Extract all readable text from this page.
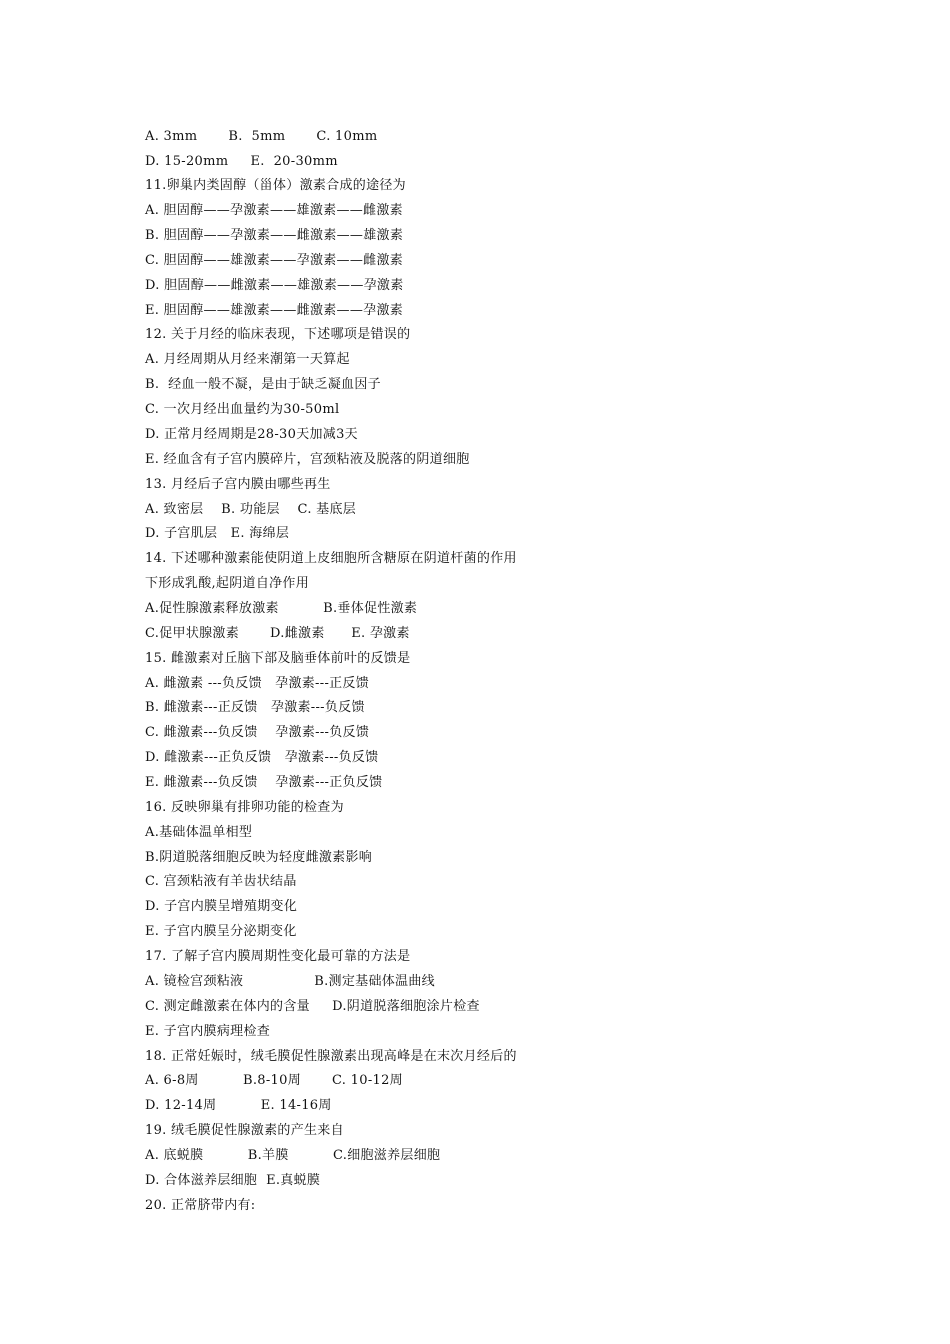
A. 3mm       B.  5mm       C. 10mm
D. 15-20mm     E.  20-30mm
11.卵巢内类固醇（甾体）激素合成的途径为
A. 胆固醇——孕激素——雄激素——雌激素
B. 胆固醇——孕激素——雌激素——雄激素
C. 胆固醇——雄激素——孕激素——雌激素
D. 胆固醇——雌激素——雄激素——孕激素
E. 胆固醇——雄激素——雌激素——孕激素
12. 关于月经的临床表现，下述哪项是错误的
A. 月经周期从月经来潮第一天算起
B.  经血一般不凝，是由于缺乏凝血因子
C. 一次月经出血量约为30-50ml
D. 正常月经周期是28-30天加减3天
E. 经血含有子宫内膜碎片，宫颈粘液及脱落的阴道细胞
13. 月经后子宫内膜由哪些再生
A. 致密层    B. 功能层    C. 基底层
D. 子宫肌层   E. 海绵层
14. 下述哪种激素能使阴道上皮细胞所含糖原在阴道杆菌的作用
下形成乳酸,起阴道自净作用
A.促性腺激素释放激素          B.垂体促性激素
C.促甲状腺激素       D.雌激素      E. 孕激素
15. 雌激素对丘脑下部及脑垂体前叶的反馈是
A. 雌激素 ---负反馈   孕激素---正反馈
B. 雌激素---正反馈   孕激素---负反馈
C. 雌激素---负反馈    孕激素---负反馈
D. 雌激素---正负反馈   孕激素---负反馈
E. 雌激素---负反馈    孕激素---正负反馈
16. 反映卵巢有排卵功能的检查为
A.基础体温单相型
B.阴道脱落细胞反映为轻度雌激素影响
C. 宫颈粘液有羊齿状结晶
D. 子宫内膜呈增殖期变化
E. 子宫内膜呈分泌期变化
17. 了解子宫内膜周期性变化最可靠的方法是
A. 镜检宫颈粘液                B.测定基础体温曲线
C. 测定雌激素在体内的含量     D.阴道脱落细胞涂片检查
E. 子宫内膜病理检查
18. 正常妊娠时，绒毛膜促性腺激素出现高峰是在末次月经后的
A. 6-8周          B.8-10周       C. 10-12周
D. 12-14周          E. 14-16周
19. 绒毛膜促性腺激素的产生来自
A. 底蜕膜          B.羊膜          C.细胞滋养层细胞
D. 合体滋养层细胞  E.真蜕膜
20. 正常脐带内有:
